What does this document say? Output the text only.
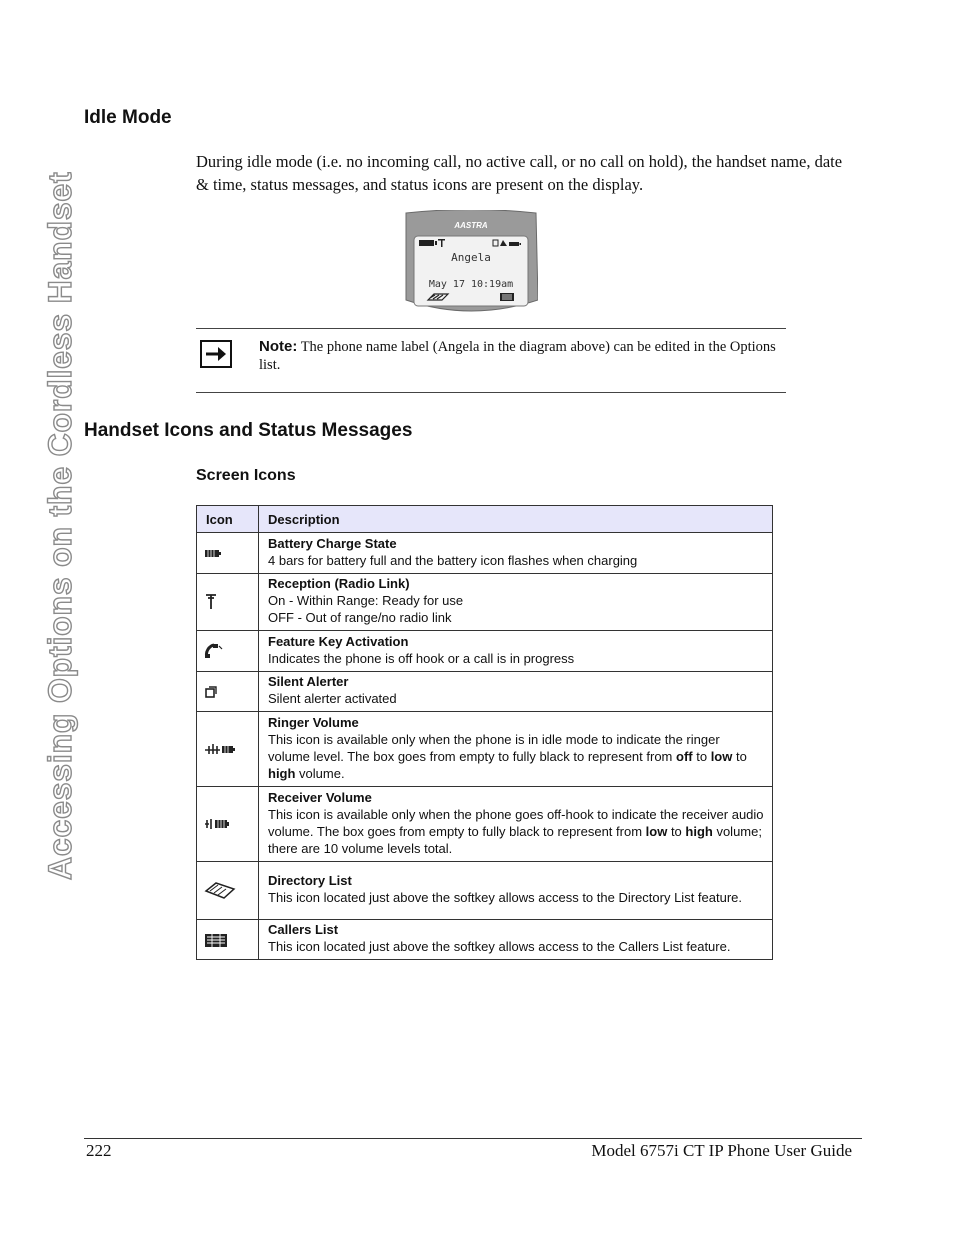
Accessing Options on the Cordless Handset
Idle Mode

During idle mode (i.e. no incoming call, no active call, or no call on hold), the handset name, date & time, status messages, and status icons are present on the display.

AASTRA
Angela
May 17 10:19am

Note: The phone name label (Angela in the diagram above) can be edited in the Options list.

Handset Icons and Status Messages
Screen Icons
Icon	Description

Battery Charge State
4 bars for battery full and the battery icon flashes when charging

Reception (Radio Link)
On - Within Range: Ready for use
OFF - Out of range/no radio link

Feature Key Activation
Indicates the phone is off hook or a call is in progress

Silent Alerter
Silent alerter activated

Ringer Volume
This icon is available only when the phone is in idle mode to indicate the ringer volume level. The box goes from empty to fully black to represent from off to low to high volume.

Receiver Volume
This icon is available only when the phone goes off-hook to indicate the receiver audio volume. The box goes from empty to fully black to represent from low to high volume; there are 10 volume levels total.

Directory List
This icon located just above the softkey allows access to the Directory List feature.

Callers List
This icon located just above the softkey allows access to the Callers List feature.
222	Model 6757i CT IP Phone User Guide
